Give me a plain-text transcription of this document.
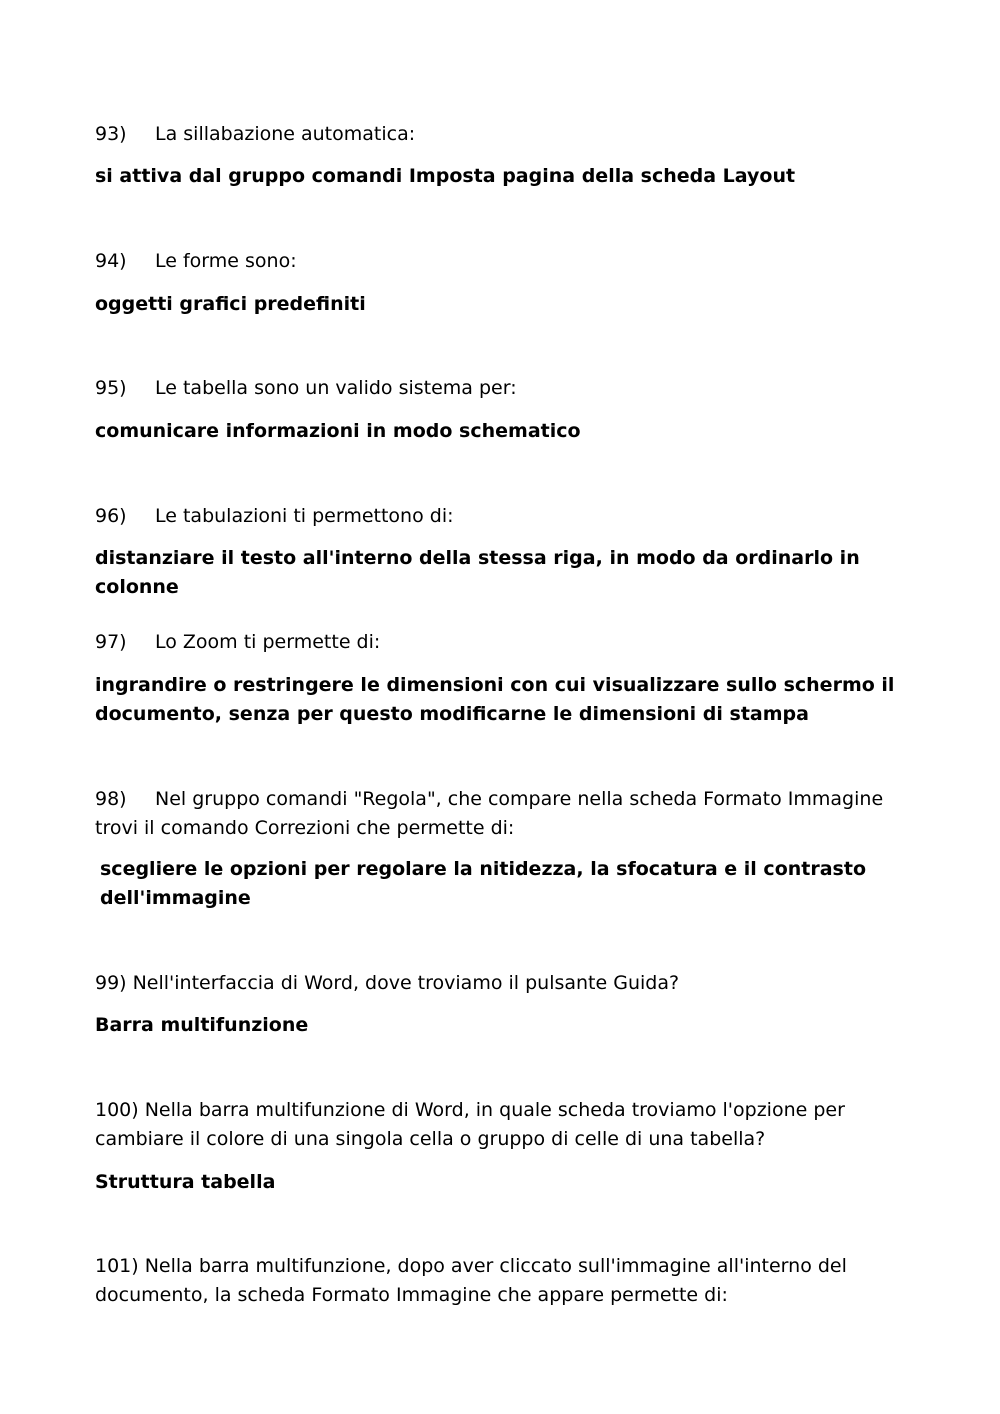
93) La sillabazione automatica:

si attiva dal gruppo comandi Imposta pagina della scheda Layout

94) Le forme sono:

oggetti grafici predefiniti

95) Le tabella sono un valido sistema per:

comunicare informazioni in modo schematico

96) Le tabulazioni ti permettono di:

distanziare il testo all'interno della stessa riga, in modo da ordinarlo in colonne

97) Lo Zoom ti permette di:

ingrandire o restringere le dimensioni con cui visualizzare sullo schermo il documento, senza per questo modificarne le dimensioni di stampa

98) Nel gruppo comandi "Regola", che compare nella scheda Formato Immagine trovi il comando Correzioni che permette di:

scegliere le opzioni per regolare la nitidezza, la sfocatura e il contrasto dell'immagine

99) Nell'interfaccia di Word, dove troviamo il pulsante Guida?

Barra multifunzione

100) Nella barra multifunzione di Word, in quale scheda troviamo l'opzione per cambiare il colore di una singola cella o gruppo di celle di una tabella?

Struttura tabella

101) Nella barra multifunzione, dopo aver cliccato sull'immagine all'interno del documento, la scheda Formato Immagine che appare permette di:
